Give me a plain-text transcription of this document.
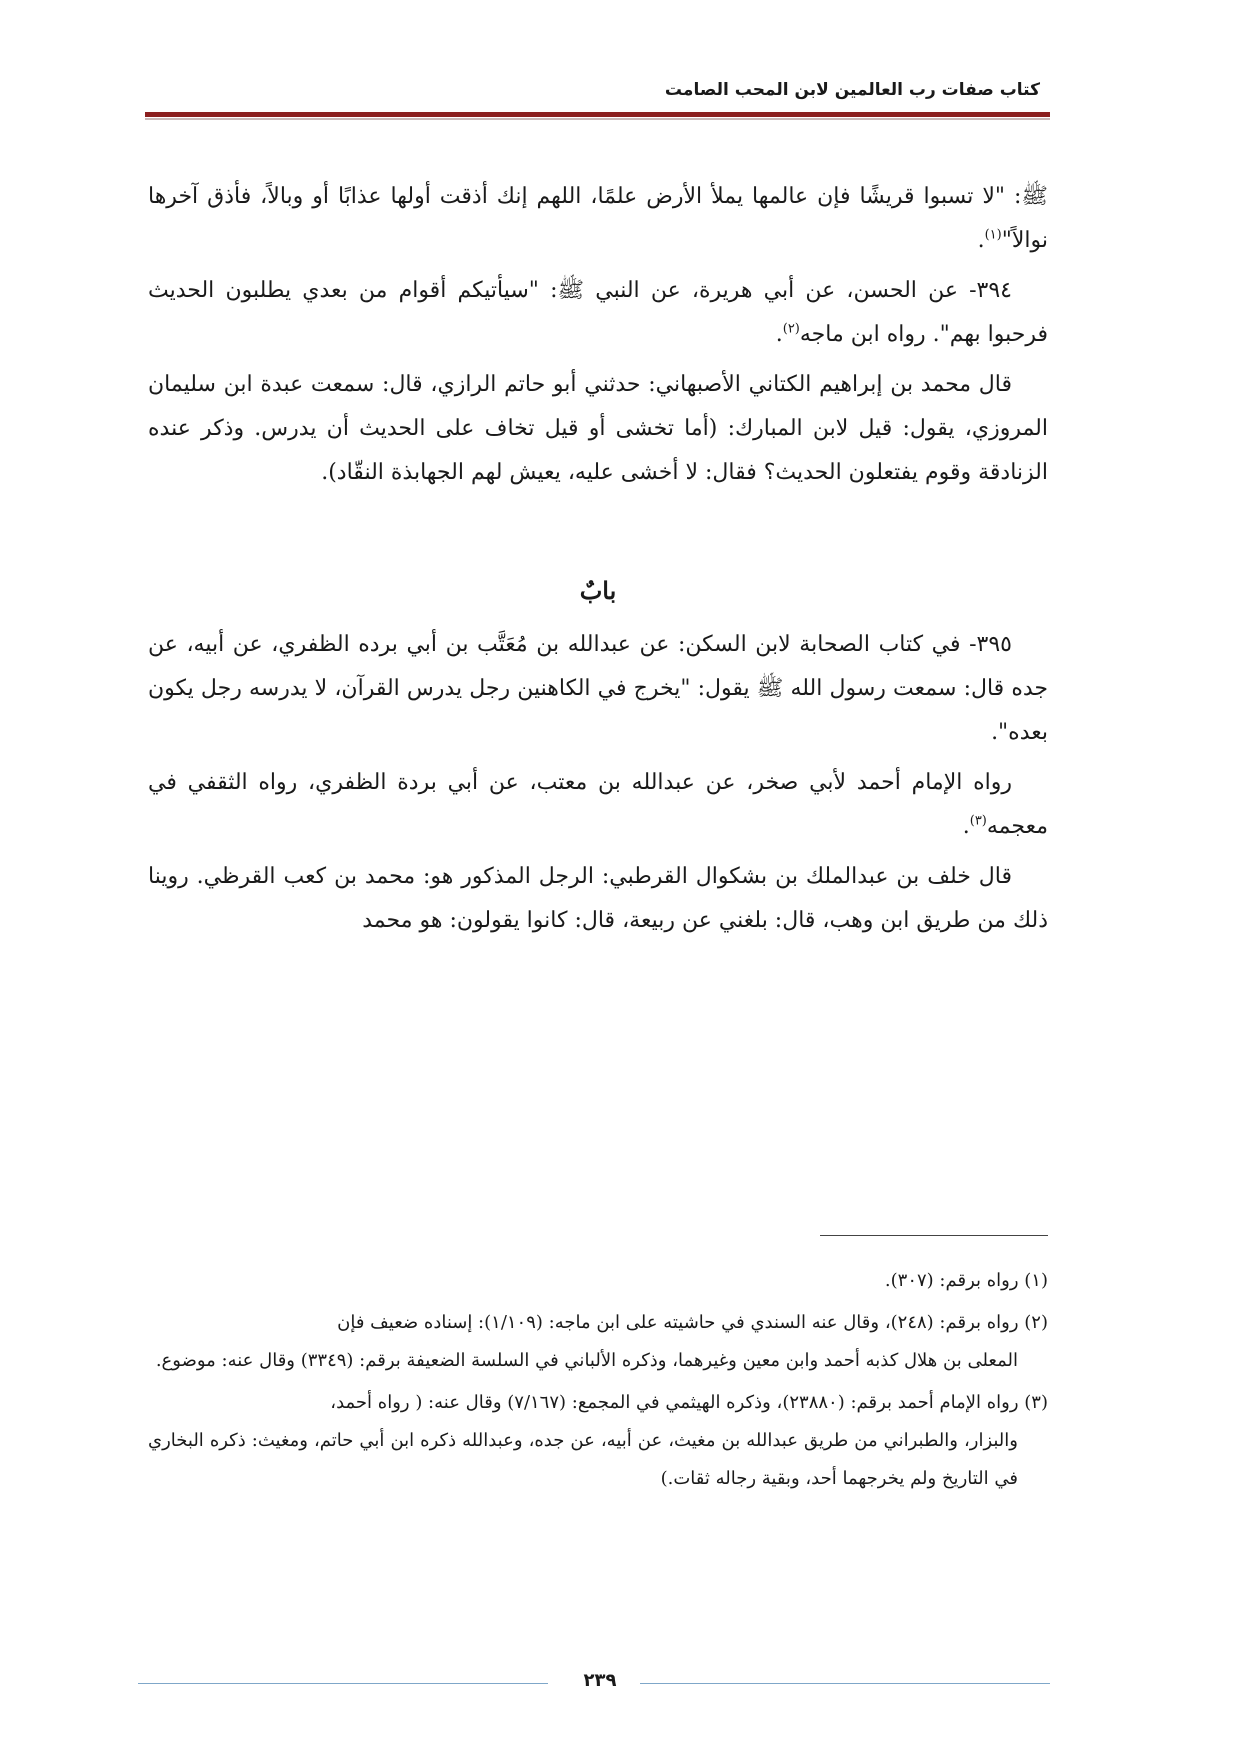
كتاب صفات رب العالمين لابن المحب الصامت

ﷺ: "لا تسبوا قريشًا فإن عالمها يملأ الأرض علمًا، اللهم إنك أذقت أولها عذابًا أو وبالاً، فأذق آخرها نوالاً"$^{(١)}$.

٣٩٤- عن الحسن، عن أبي هريرة، عن النبي ﷺ: "سيأتيكم أقوام من بعدي يطلبون الحديث فرحبوا بهم". رواه ابن ماجه$^{(٢)}$.

قال محمد بن إبراهيم الكتاني الأصبهاني: حدثني أبو حاتم الرازي، قال: سمعت عبدة ابن سليمان المروزي، يقول: قيل لابن المبارك: (أما تخشى أو قيل تخاف على الحديث أن يدرس. وذكر عنده الزنادقة وقوم يفتعلون الحديث؟ فقال: لا أخشى عليه، يعيش لهم الجهابذة النقّاد).

بابٌ

٣٩٥- في كتاب الصحابة لابن السكن: عن عبدالله بن مُعَتَّب بن أبي برده الظفري، عن أبيه، عن جده قال: سمعت رسول الله ﷺ يقول: "يخرج في الكاهنين رجل يدرس القرآن، لا يدرسه رجل يكون بعده".

رواه الإمام أحمد لأبي صخر، عن عبدالله بن معتب، عن أبي بردة الظفري، رواه الثقفي في معجمه$^{(٣)}$.

قال خلف بن عبدالملك بن بشكوال القرطبي: الرجل المذكور هو: محمد بن كعب القرظي. روينا ذلك من طريق ابن وهب، قال: بلغني عن ربيعة، قال: كانوا يقولون: هو محمد

(١) رواه برقم: (٣٠٧).

(٢) رواه برقم: (٢٤٨)، وقال عنه السندي في حاشيته على ابن ماجه: (١/١٠٩): إسناده ضعيف فإن
المعلى بن هلال كذبه أحمد وابن معين وغيرهما، وذكره الألباني في السلسة الضعيفة برقم: (٣٣٤٩) وقال عنه: موضوع.

(٣) رواه الإمام أحمد برقم: (٢٣٨٨٠)، وذكره الهيثمي في المجمع: (٧/١٦٧) وقال عنه: ( رواه أحمد،
والبزار، والطبراني من طريق عبدالله بن مغيث، عن أبيه، عن جده، وعبدالله ذكره ابن أبي حاتم، ومغيث: ذكره البخاري في التاريخ ولم يخرجهما أحد، وبقية رجاله ثقات.)

٢٣٩
